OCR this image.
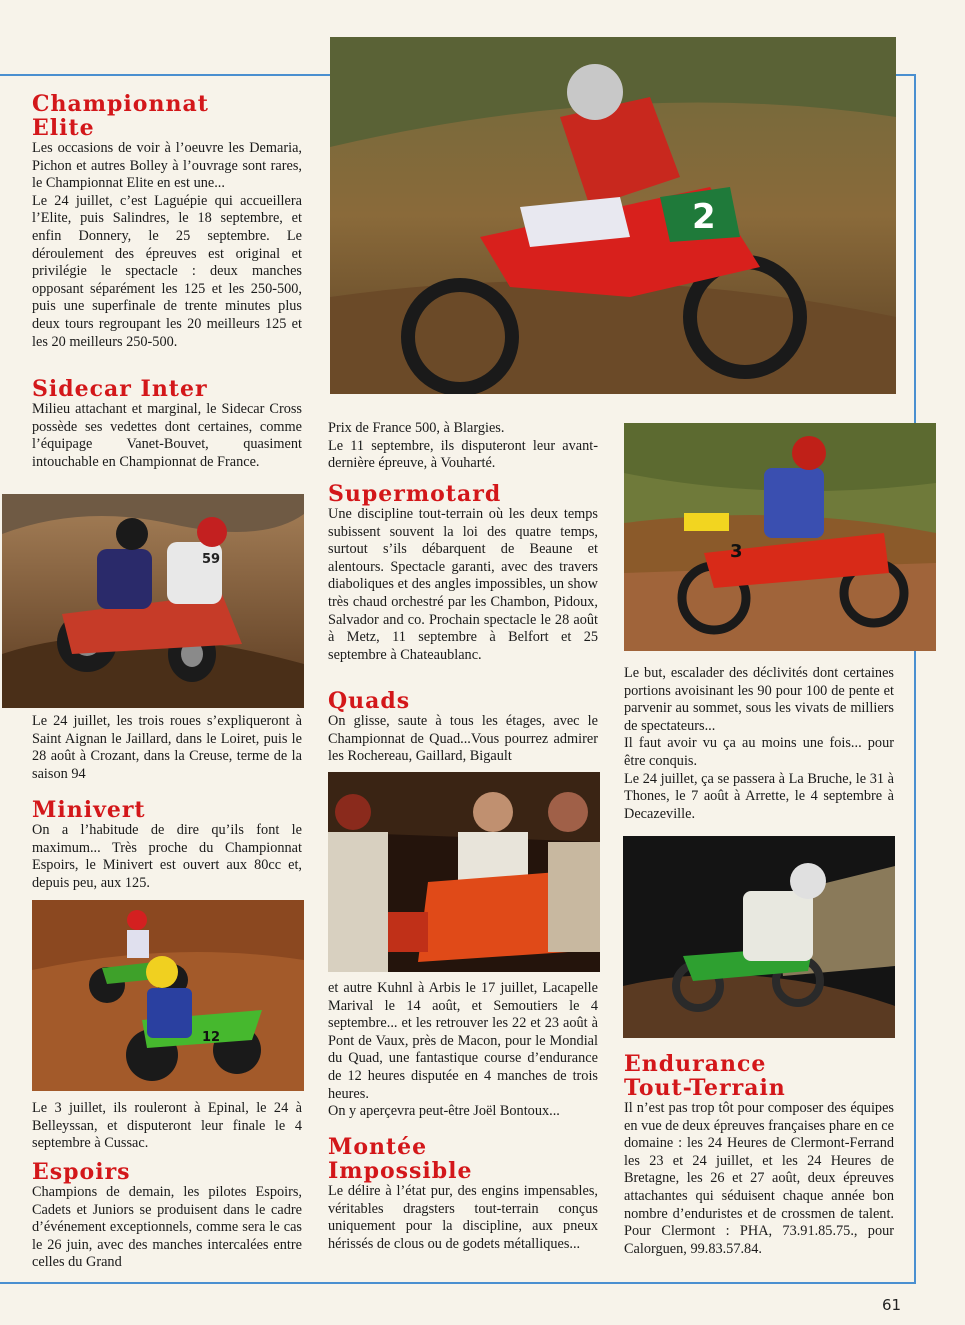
Championnat
Elite

Les occasions de voir à l’oeuvre les Demaria, Pichon et autres Bolley à l’ouvrage sont rares, le Championnat Elite en est une...

Le 24 juillet, c’est Laguépie qui accueillera l’Elite, puis Salindres, le 18 septembre, et enfin Donnery, le 25 septembre. Le déroulement des épreuves est original et privilégie le spectacle : deux manches opposant séparément les 125 et les 250-500, puis une superfinale de trente minutes plus deux tours regroupant les 20 meilleurs 125 et les 20 meilleurs 250-500.

Sidecar Inter

Milieu attachant et marginal, le Sidecar Cross possède ses vedettes dont certaines, comme l’équipage Vanet-Bouvet, quasiment intouchable en Championnat de France.

59

Le 24 juillet, les trois roues s’expliqueront à Saint Aignan le Jaillard, dans le Loiret, puis le 28 août à Crozant, dans la Creuse, terme de la saison 94

Minivert

On a l’habitude de dire qu’ils font le maximum... Très proche du Championnat Espoirs, le Minivert est ouvert aux 80cc et, depuis peu, aux 125.

12

Le 3 juillet, ils rouleront à Epinal, le 24 à Belleyssan, et disputeront leur finale le 4 septembre à Cussac.

Espoirs

Champions de demain, les pilotes Espoirs, Cadets et Juniors se produisent dans le cadre d’événement exceptionnels, comme sera le cas le 26 juin, avec des manches intercalées entre celles du Grand

2

Prix de France 500, à Blargies.

Le 11 septembre, ils disputeront leur avant-dernière épreuve, à Vouharté.

Supermotard

Une discipline tout-terrain où les deux temps subissent souvent la loi des quatre temps, surtout s’ils débarquent de Beaune et alentours. Spectacle garanti, avec des travers diaboliques et des angles impossibles, un show très chaud orchestré par les Chambon, Pidoux, Salvador and co. Prochain spectacle le 28 août à Metz, 11 septembre à Belfort et 25 septembre à Chateaublanc.

Quads

On glisse, saute à tous les étages, avec le Championnat de Quad...Vous pourrez admirer les Rochereau, Gaillard, Bigault

et autre Kuhnl à Arbis le 17 juillet, Lacapelle Marival le 14 août, et Semoutiers le 4 septembre... et les retrouver les 22 et 23 août à Pont de Vaux, près de Macon, pour le Mondial du Quad, une fantastique course d’endurance de 12 heures disputée en 4 manches de trois heures.

On y aperçevra peut-être Joël Bontoux...

Montée
Impossible

Le délire à l’état pur, des engins impensables, véritables dragsters tout-terrain conçus uniquement pour la discipline, aux pneux hérissés de clous ou de godets métalliques...

3

Le but, escalader des déclivités dont certaines portions avoisinant les 90 pour 100 de pente et parvenir au sommet, sous les vivats de milliers de spectateurs...

Il faut avoir vu ça au moins une fois... pour être conquis.

Le 24 juillet, ça se passera à La Bruche, le 31 à Thones, le 7 août à Arrette, le 4 septembre à Decazeville.

Endurance
Tout-Terrain

Il n’est pas trop tôt pour composer des équipes en vue de deux épreuves françaises phare en ce domaine : les 24 Heures de Clermont-Ferrand les 23 et 24 juillet, et les 24 Heures de Bretagne, les 26 et 27 août, deux épreuves attachantes qui séduisent chaque année bon nombre d’enduristes et de crossmen de talent. Pour Clermont : PHA, 73.91.85.75., pour Calorguen, 99.83.57.84.

61
